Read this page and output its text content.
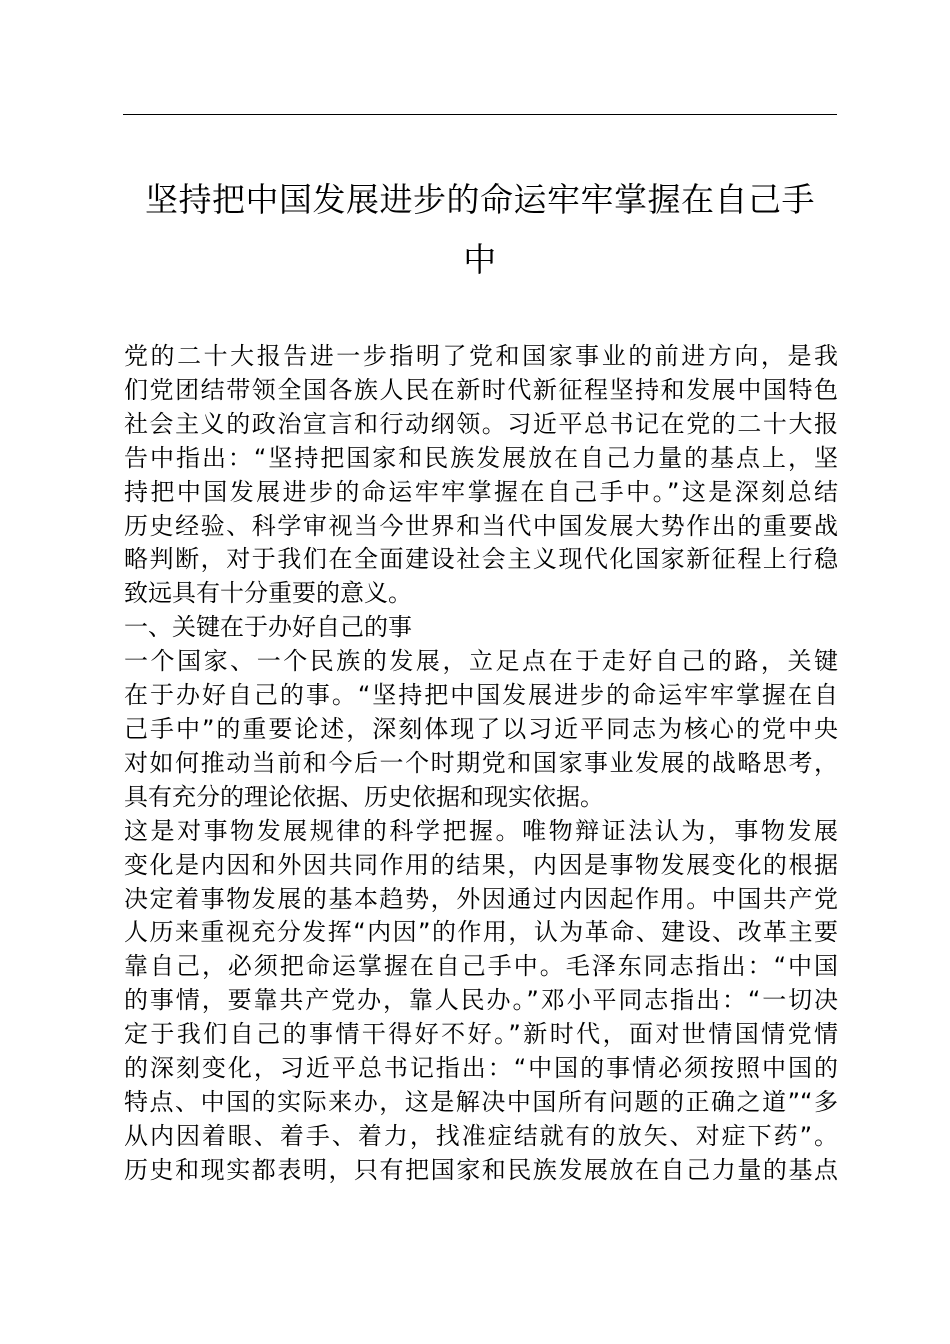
坚持把中国发展进步的命运牢牢掌握在自己手
中

党的二十大报告进一步指明了党和国家事业的前进方向，是我
们党团结带领全国各族人民在新时代新征程坚持和发展中国特色
社会主义的政治宣言和行动纲领。习近平总书记在党的二十大报
告中指出：“坚持把国家和民族发展放在自己力量的基点上，坚
持把中国发展进步的命运牢牢掌握在自己手中。”这是深刻总结
历史经验、科学审视当今世界和当代中国发展大势作出的重要战
略判断，对于我们在全面建设社会主义现代化国家新征程上行稳
致远具有十分重要的意义。

一、关键在于办好自己的事

一个国家、一个民族的发展，立足点在于走好自己的路，关键
在于办好自己的事。“坚持把中国发展进步的命运牢牢掌握在自
己手中”的重要论述，深刻体现了以习近平同志为核心的党中央
对如何推动当前和今后一个时期党和国家事业发展的战略思考，
具有充分的理论依据、历史依据和现实依据。

这是对事物发展规律的科学把握。唯物辩证法认为，事物发展
变化是内因和外因共同作用的结果，内因是事物发展变化的根据
决定着事物发展的基本趋势，外因通过内因起作用。中国共产党
人历来重视充分发挥“内因”的作用，认为革命、建设、改革主要
靠自己，必须把命运掌握在自己手中。毛泽东同志指出：“中国
的事情，要靠共产党办，靠人民办。”邓小平同志指出：“一切决
定于我们自己的事情干得好不好。”新时代，面对世情国情党情
的深刻变化，习近平总书记指出：“中国的事情必须按照中国的
特点、中国的实际来办，这是解决中国所有问题的正确之道”“多
从内因着眼、着手、着力，找准症结就有的放矢、对症下药”。
历史和现实都表明，只有把国家和民族发展放在自己力量的基点
